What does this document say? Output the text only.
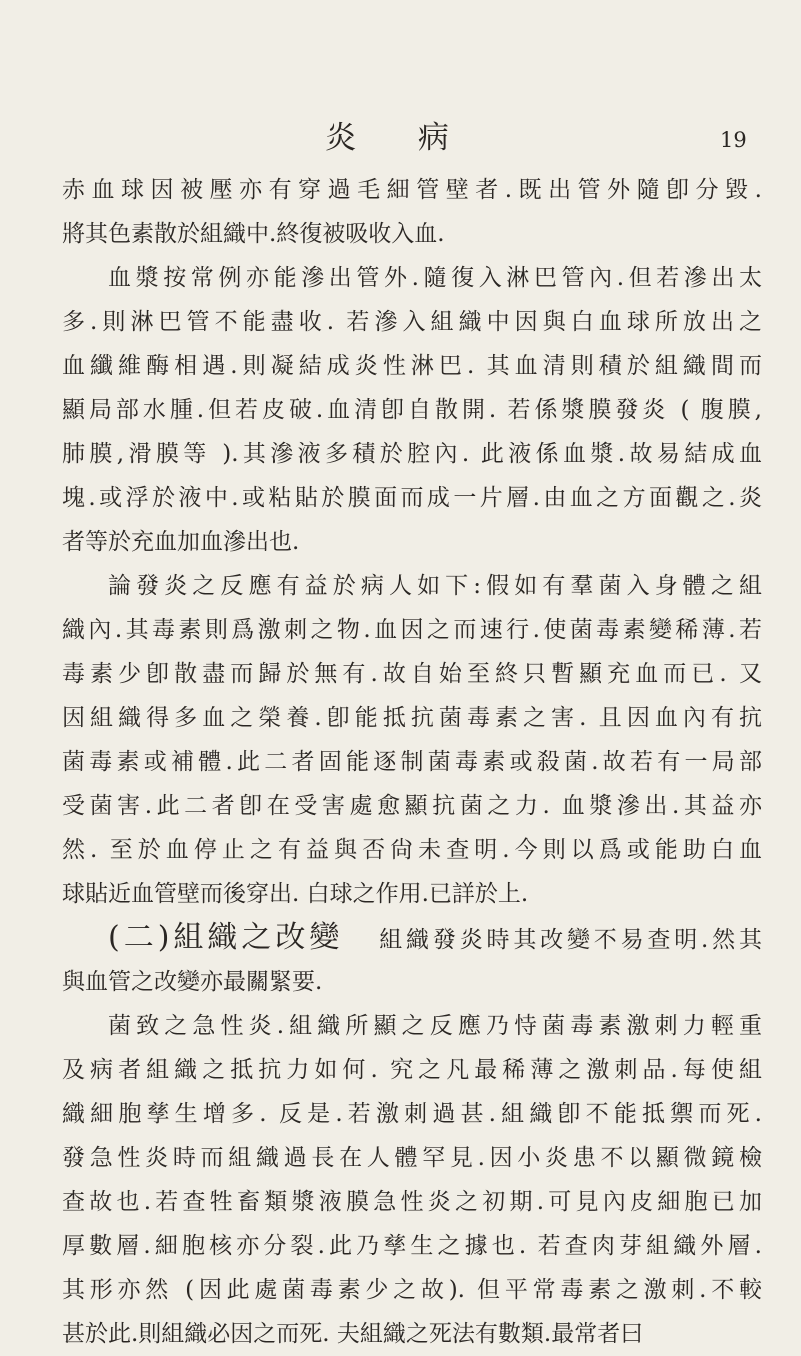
炎 病	19
赤血球因被壓亦有穿過毛細管壁者.既出管外隨卽分毀.
將其色素散於組織中.終復被吸收入血.
血漿按常例亦能滲出管外.隨復入淋巴管內.但若滲出太
多.則淋巴管不能盡收. 若滲入組織中因與白血球所放出之
血纖維酶相遇.則凝結成炎性淋巴. 其血清則積於組織間而
顯局部水腫.但若皮破.血清卽自散開. 若係漿膜發炎 ( 腹膜,
肺膜,滑膜等 ).其滲液多積於腔內. 此液係血漿.故易結成血
塊.或浮於液中.或粘貼於膜面而成一片層.由血之方面觀之.炎
者等於充血加血滲出也.
論發炎之反應有益於病人如下:假如有羣菌入身體之組
織內.其毒素則爲激刺之物.血因之而速行.使菌毒素變稀薄.若
毒素少卽散盡而歸於無有.故自始至終只暫顯充血而已. 又
因組織得多血之榮養.卽能抵抗菌毒素之害. 且因血內有抗
菌毒素或補體.此二者固能逐制菌毒素或殺菌.故若有一局部
受菌害.此二者卽在受害處愈顯抗菌之力. 血漿滲出.其益亦
然. 至於血停止之有益與否尙未查明.今則以爲或能助白血
球貼近血管壁而後穿出. 白球之作用.已詳於上.
(二)組織之改變 組織發炎時其改變不易查明.然其
與血管之改變亦最關緊要.
菌致之急性炎.組織所顯之反應乃恃菌毒素激刺力輕重
及病者組織之抵抗力如何. 究之凡最稀薄之激刺品.每使組
織細胞孳生增多. 反是.若激刺過甚.組織卽不能抵禦而死.
發急性炎時而組織過長在人體罕見.因小炎患不以顯微鏡檢
查故也.若查牲畜類漿液膜急性炎之初期.可見內皮細胞已加
厚數層.細胞核亦分裂.此乃孳生之據也. 若查肉芽組織外層.
其形亦然 (因此處菌毒素少之故). 但平常毒素之激刺.不較
甚於此.則組織必因之而死. 夫組織之死法有數類.最常者曰
